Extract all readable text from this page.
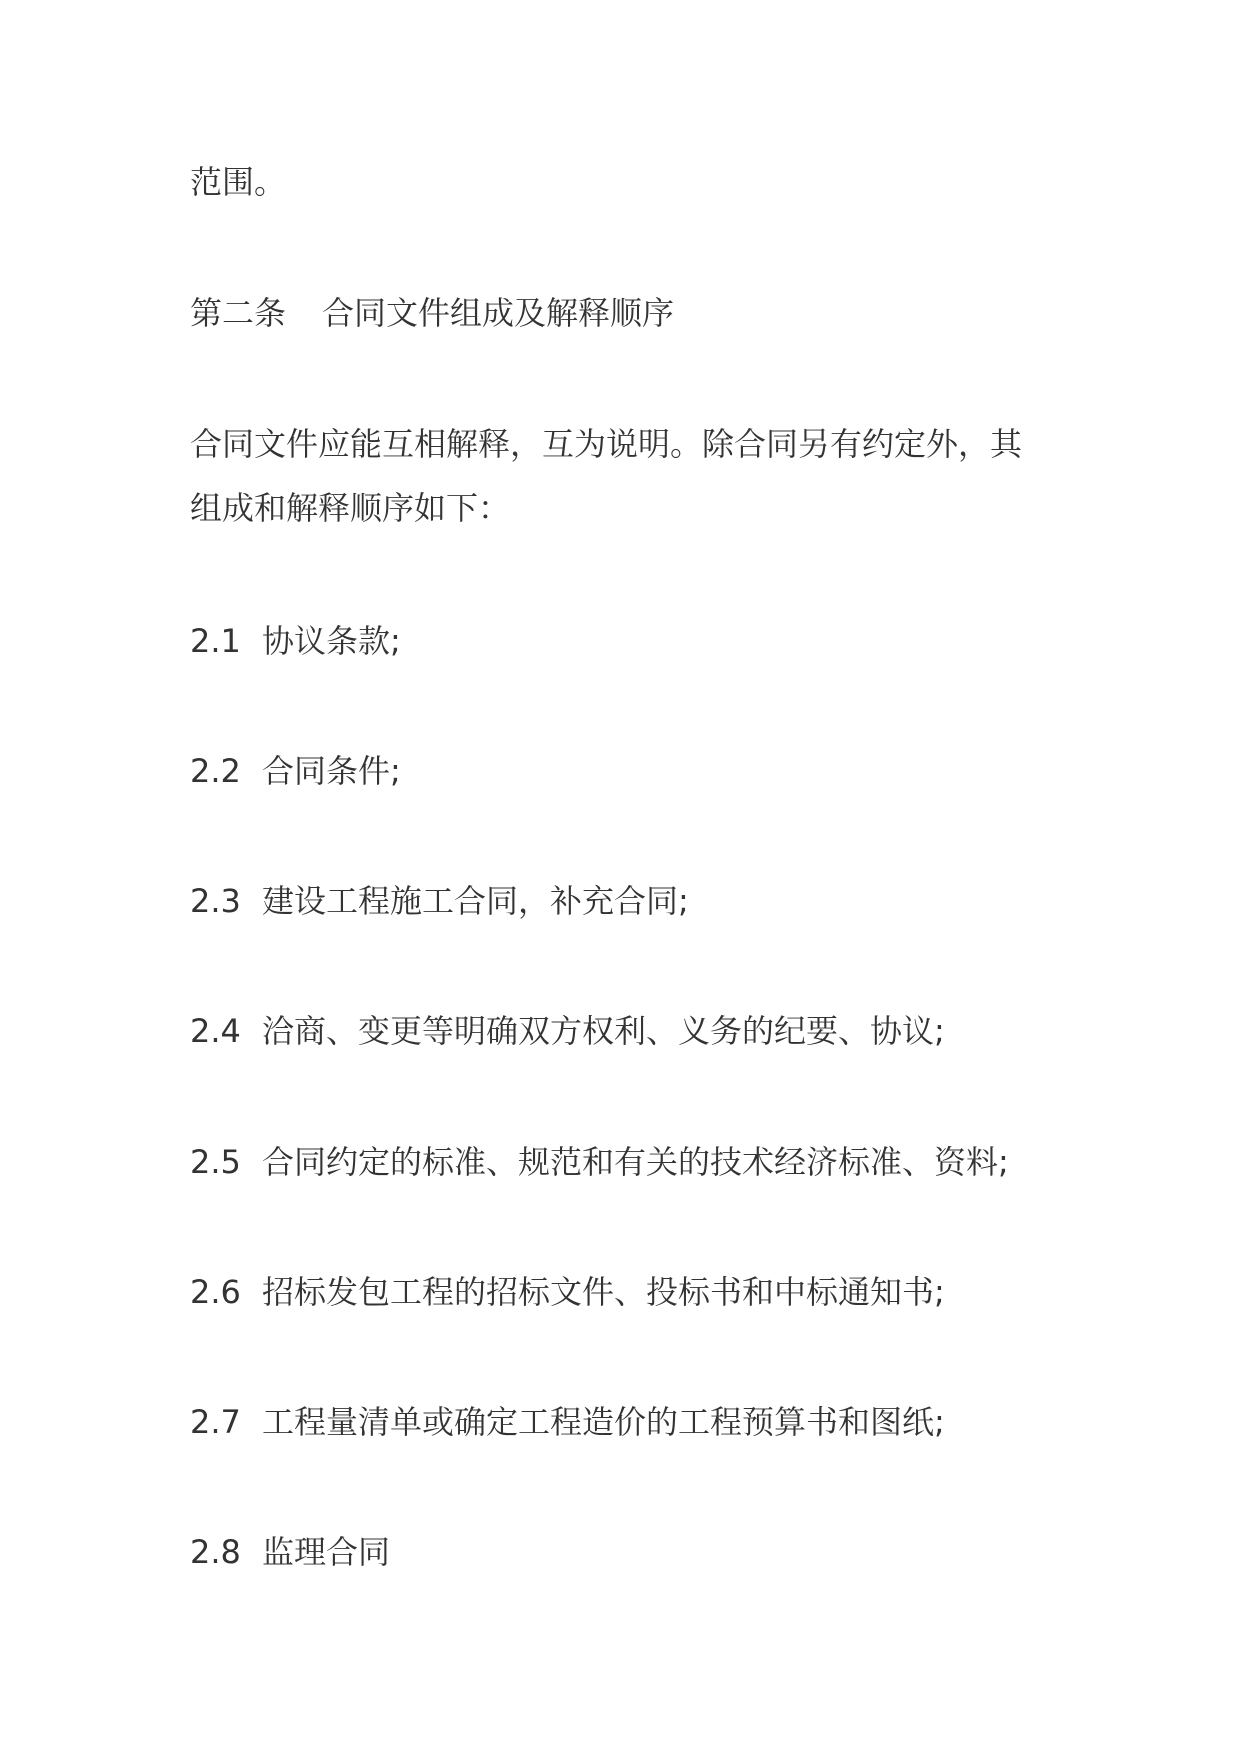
范围。
第二条 合同文件组成及解释顺序
合同文件应能互相解释，互为说明。除合同另有约定外，其
组成和解释顺序如下：
2.1 协议条款;
2.2 合同条件;
2.3 建设工程施工合同，补充合同;
2.4 洽商、变更等明确双方权利、义务的纪要、协议;
2.5 合同约定的标准、规范和有关的技术经济标准、资料;
2.6 招标发包工程的招标文件、投标书和中标通知书;
2.7 工程量清单或确定工程造价的工程预算书和图纸;
2.8 监理合同
